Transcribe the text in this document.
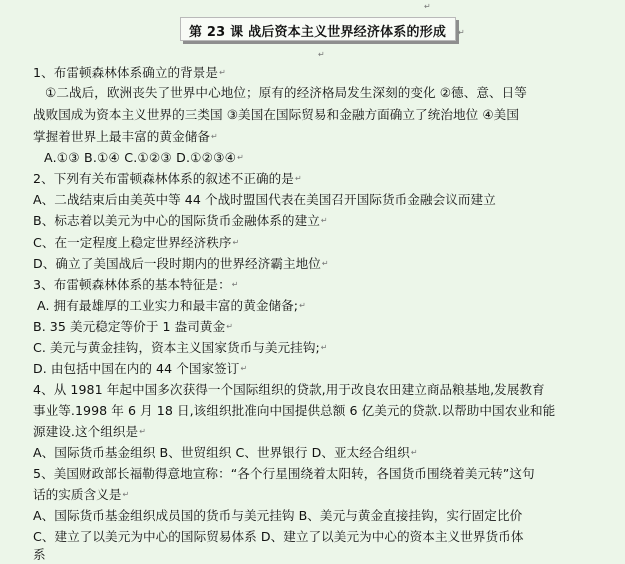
↵
第 23 课 战后资本主义世界经济体系的形成 ↵
↵
1、布雷顿森林体系确立的背景是↵
①二战后，欧洲丧失了世界中心地位；原有的经济格局发生深刻的变化 ②德、意、日等
战败国成为资本主义世界的三类国 ③美国在国际贸易和金融方面确立了统治地位 ④美国
掌握着世界上最丰富的黄金储备↵
A.①③ B.①④ C.①②③ D.①②③④↵
2、下列有关布雷顿森林体系的叙述不正确的是↵
A、二战结束后由美英中等 44 个战时盟国代表在美国召开国际货币金融会议而建立
B、标志着以美元为中心的国际货币金融体系的建立↵
C、在一定程度上稳定世界经济秩序↵
D、确立了美国战后一段时期内的世界经济霸主地位↵
3、布雷顿森林体系的基本特征是：↵
A. 拥有最雄厚的工业实力和最丰富的黄金储备;↵
B. 35 美元稳定等价于 1 盎司黄金↵
C. 美元与黄金挂钩，资本主义国家货币与美元挂钩;↵
D. 由包括中国在内的 44 个国家签订↵
4、从 1981 年起中国多次获得一个国际组织的贷款,用于改良农田建立商品粮基地,发展教育
事业等.1998 年 6 月 18 日,该组织批准向中国提供总额 6 亿美元的贷款.以帮助中国农业和能
源建设.这个组织是↵
A、国际货币基金组织 B、世贸组织 C、世界银行 D、亚太经合组织↵
5、美国财政部长福勒得意地宣称：“各个行星围绕着太阳转，各国货币围绕着美元转”这句
话的实质含义是↵
A、国际货币基金组织成员国的货币与美元挂钩 B、美元与黄金直接挂钩，实行固定比价
C、建立了以美元为中心的国际贸易体系 D、建立了以美元为中心的资本主义世界货币体
系
